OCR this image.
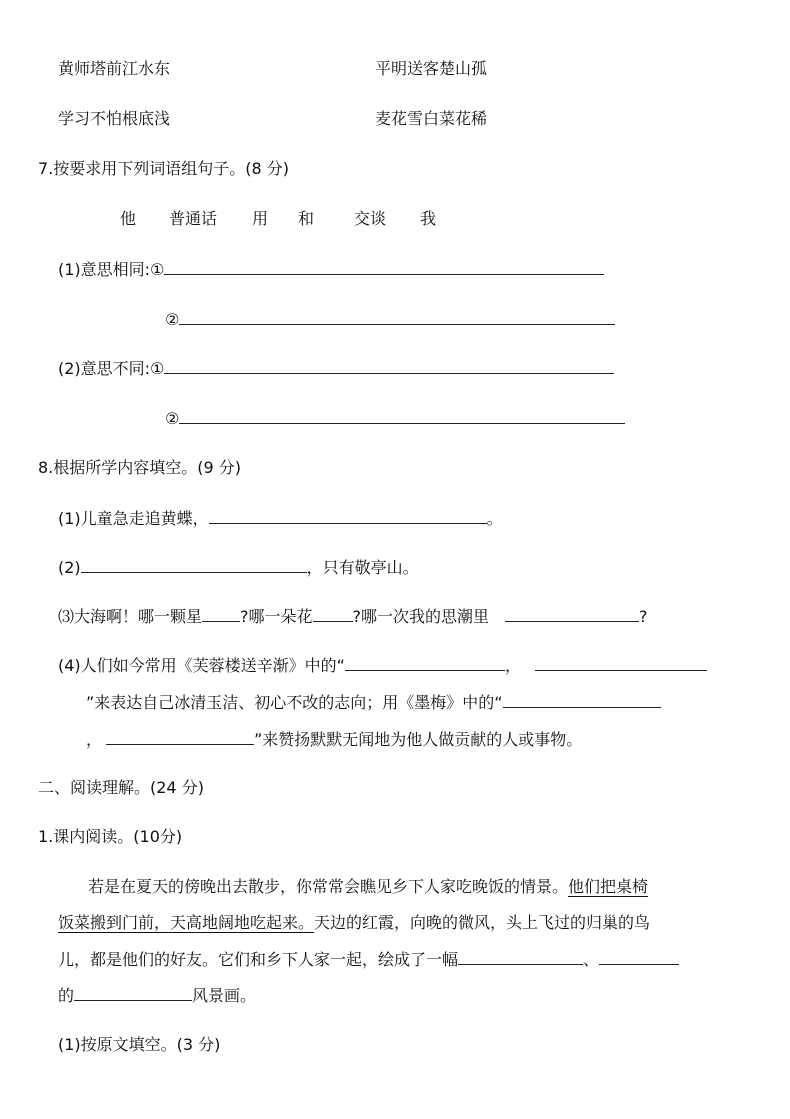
黄师塔前江水东	平明送客楚山孤
学习不怕根底浅	麦花雪白菜花稀
7.按要求用下列词语组句子。(8 分)
他 普通话 用 和 交谈 我
(1)意思相同:①
②
(2)意思不同:①
②
8.根据所学内容填空。(9 分)
(1)儿童急走追黄蝶，	。
(2)	，只有敬亭山。
⑶大海啊！哪一颗星 ?哪一朵花	?哪一次我的思潮里	?
(4)人们如今常用《芙蓉楼送辛渐》中的“	，
”来表达自己冰清玉洁、初心不改的志向；用《墨梅》中的“
，	”来赞扬默默无闻地为他人做贡献的人或事物。
二、阅读理解。(24 分)
1.课内阅读。(10分)
若是在夏天的傍晚出去散步，你常常会瞧见乡下人家吃晚饭的情景。他们把桌椅
饭菜搬到门前，天高地阔地吃起来。天边的红霞，向晚的微风，头上飞过的归巢的鸟
儿，都是他们的好友。它们和乡下人家一起，绘成了一幅	、
的	风景画。
(1)按原文填空。(3 分)
